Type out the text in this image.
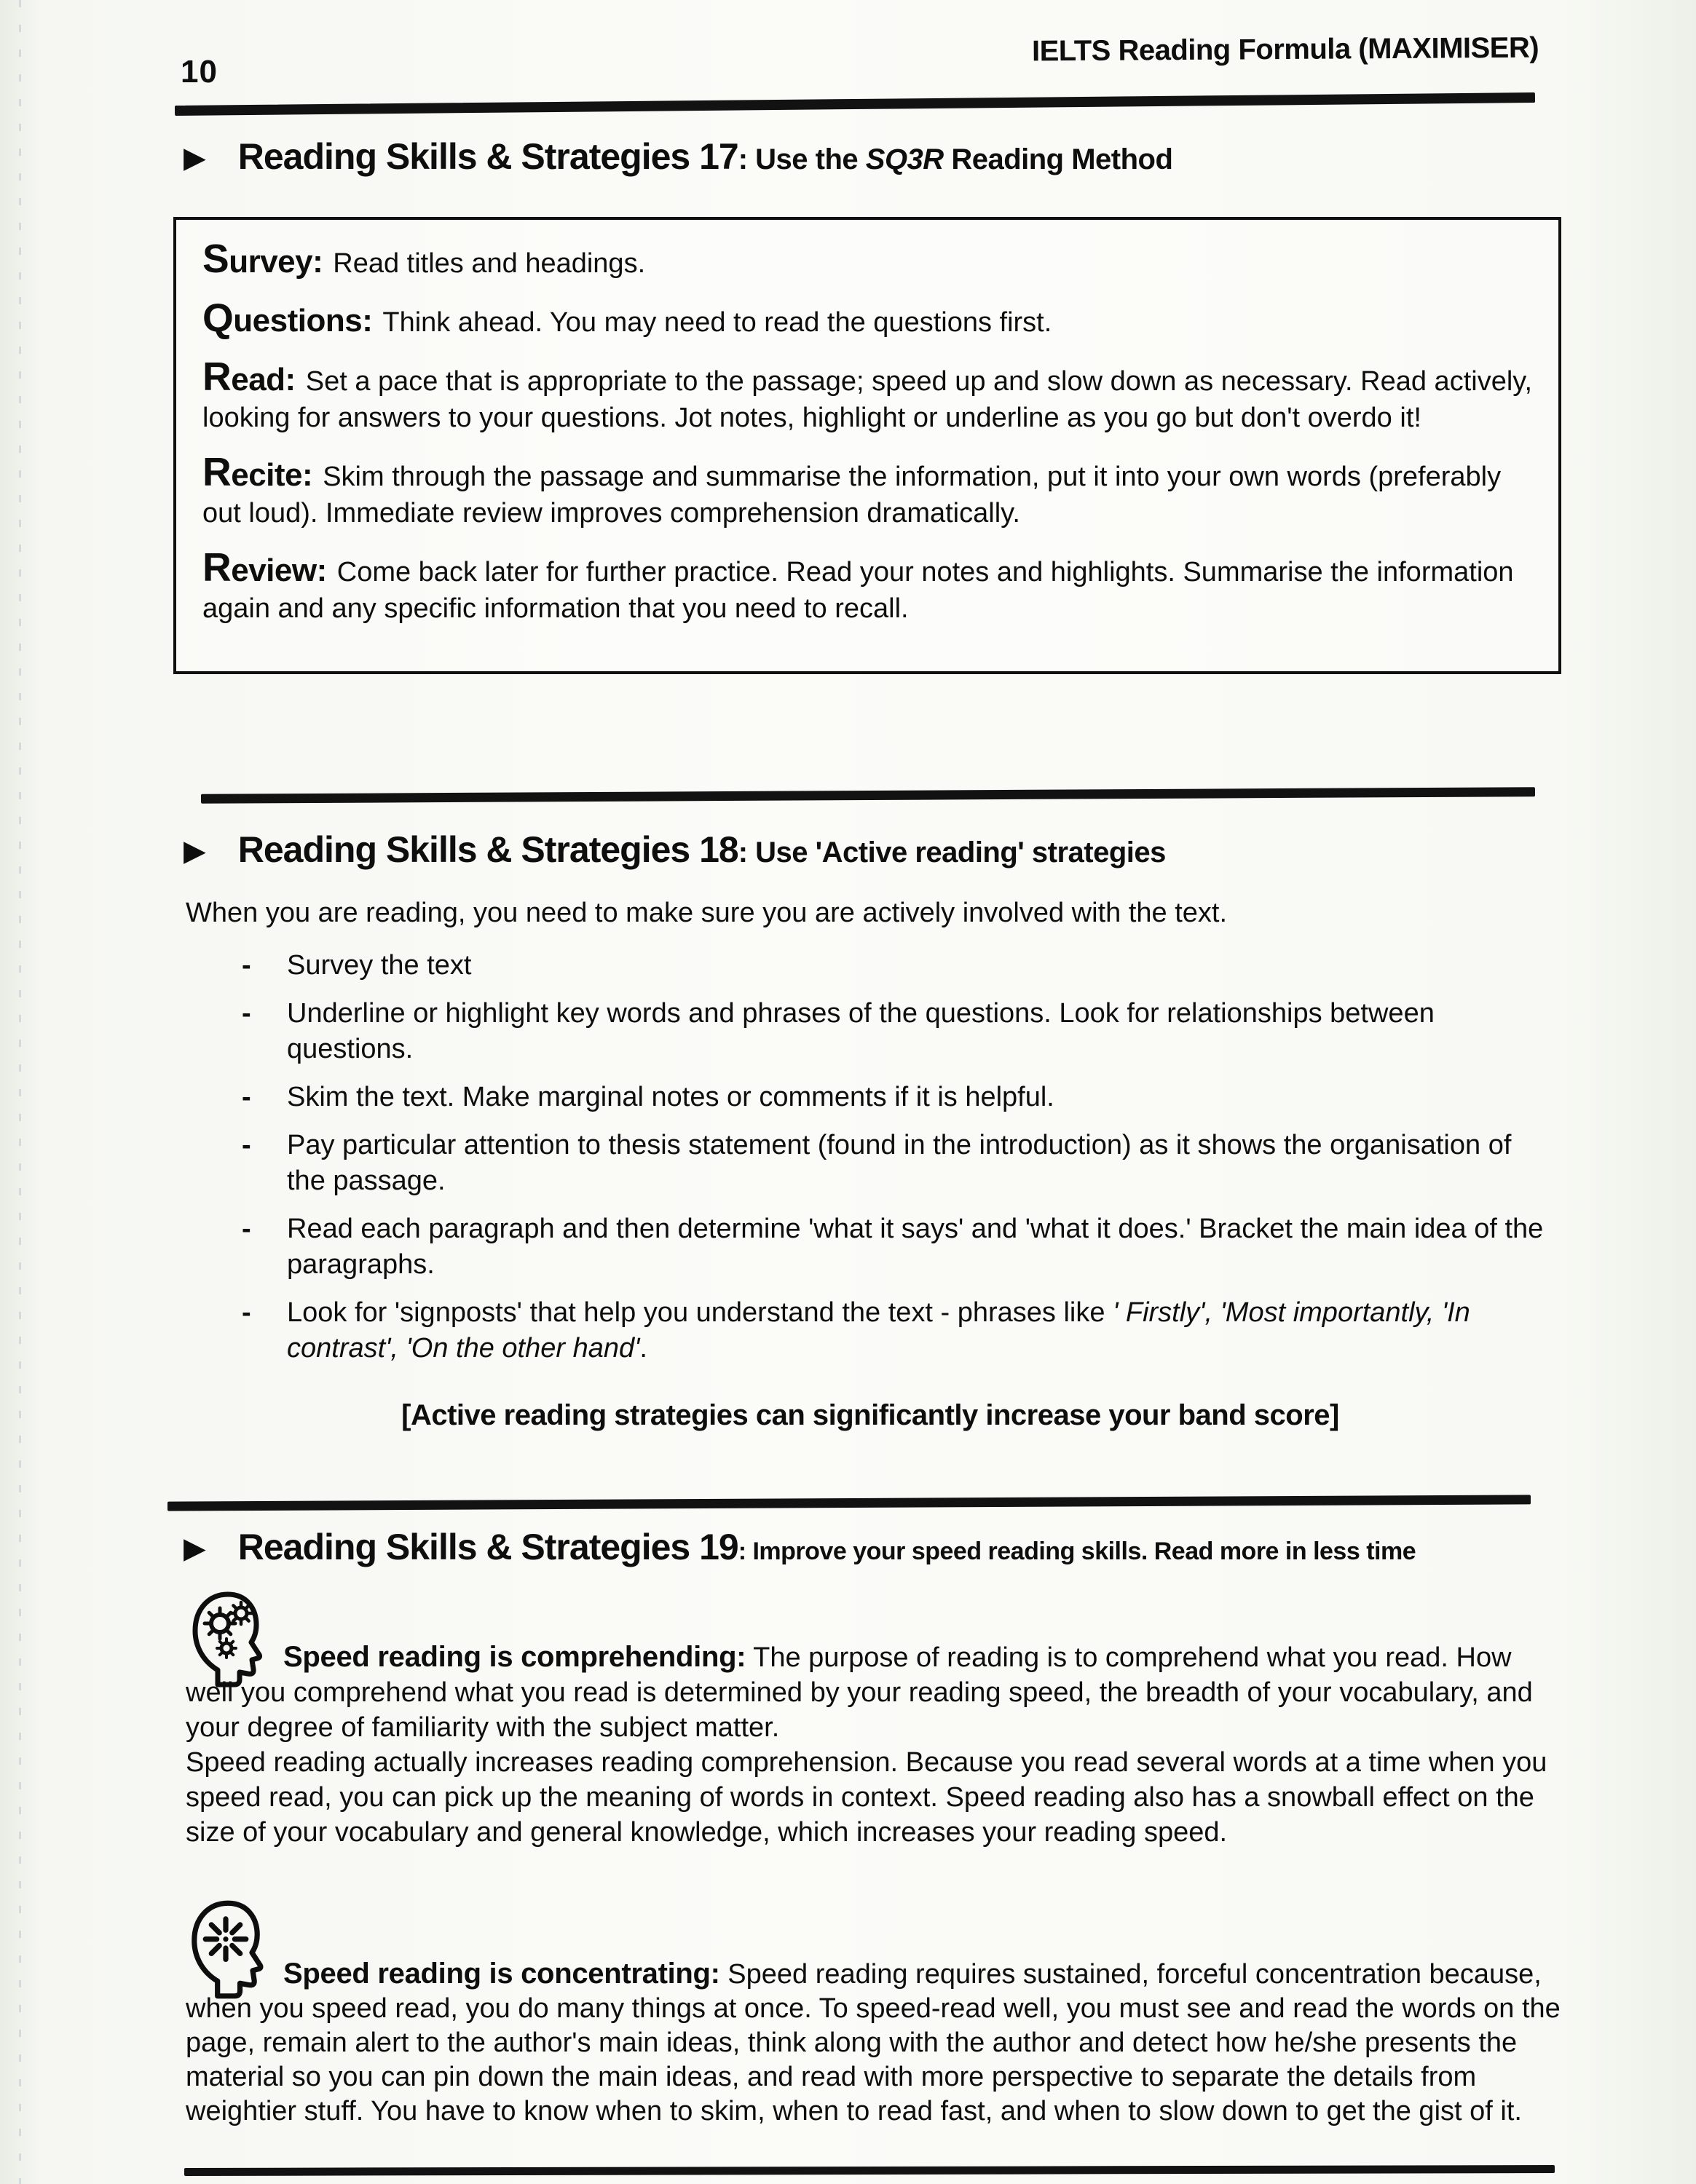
10
IELTS Reading Formula (MAXIMISER)
▶ Reading Skills & Strategies 17 : Use the SQ3R Reading Method
Survey: Read titles and headings.
Questions: Think ahead. You may need to read the questions first.
Read: Set a pace that is appropriate to the passage; speed up and slow down as necessary. Read actively, looking for answers to your questions. Jot notes, highlight or underline as you go but don't overdo it!
Recite: Skim through the passage and summarise the information, put it into your own words (preferably out loud). Immediate review improves comprehension dramatically.
Review: Come back later for further practice. Read your notes and highlights. Summarise the information again and any specific information that you need to recall.
▶ Reading Skills & Strategies 18 : Use 'Active reading' strategies

When you are reading, you need to make sure you are actively involved with the text.

-	Survey the text
-	Underline or highlight key words and phrases of the questions. Look for relationships between questions.
-	Skim the text. Make marginal notes or comments if it is helpful.
-	Pay particular attention to thesis statement (found in the introduction) as it shows the organisation of the passage.
-	Read each paragraph and then determine 'what it says' and 'what it does.' Bracket the main idea of the paragraphs.
-	Look for 'signposts' that help you understand the text - phrases like ' Firstly', 'Most importantly, 'In contrast', 'On the other hand'.

[Active reading strategies can significantly increase your band score]

▶ Reading Skills & Strategies 19 : Improve your speed reading skills. Read more in less time

Speed reading is comprehending: The purpose of reading is to comprehend what you read. How well you comprehend what you read is determined by your reading speed, the breadth of your vocabulary, and your degree of familiarity with the subject matter.

Speed reading actually increases reading comprehension. Because you read several words at a time when you speed read, you can pick up the meaning of words in context. Speed reading also has a snowball effect on the size of your vocabulary and general knowledge, which increases your reading speed.

Speed reading is concentrating: Speed reading requires sustained, forceful concentration because, when you speed read, you do many things at once. To speed-read well, you must see and read the words on the page, remain alert to the author's main ideas, think along with the author and detect how he/she presents the material so you can pin down the main ideas, and read with more perspective to separate the details from weightier stuff. You have to know when to skim, when to read fast, and when to slow down to get the gist of it.
